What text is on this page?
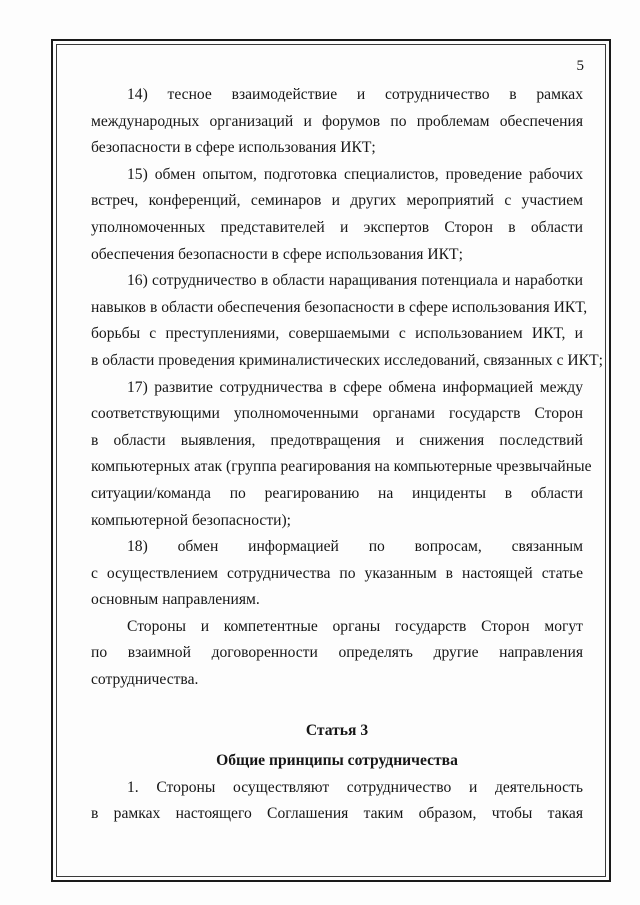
5
14) тесное взаимодействие и сотрудничество в рамках
международных организаций и форумов по проблемам обеспечения
безопасности в сфере использования ИКТ;
15) обмен опытом, подготовка специалистов, проведение рабочих
встреч, конференций, семинаров и других мероприятий с участием
уполномоченных представителей и экспертов Сторон в области
обеспечения безопасности в сфере использования ИКТ;
16) сотрудничество в области наращивания потенциала и наработки
навыков в области обеспечения безопасности в сфере использования ИКТ,
борьбы с преступлениями, совершаемыми с использованием ИКТ, и
в области проведения криминалистических исследований, связанных с ИКТ;
17) развитие сотрудничества в сфере обмена информацией между
соответствующими уполномоченными органами государств Сторон
в области выявления, предотвращения и снижения последствий
компьютерных атак (группа реагирования на компьютерные чрезвычайные
ситуации/команда по реагированию на инциденты в области
компьютерной безопасности);
18) обмен информацией по вопросам, связанным
с осуществлением сотрудничества по указанным в настоящей статье
основным направлениям.
Стороны и компетентные органы государств Сторон могут
по взаимной договоренности определять другие направления
сотрудничества.
Статья 3
Общие принципы сотрудничества
1. Стороны осуществляют сотрудничество и деятельность
в рамках настоящего Соглашения таким образом, чтобы такая
